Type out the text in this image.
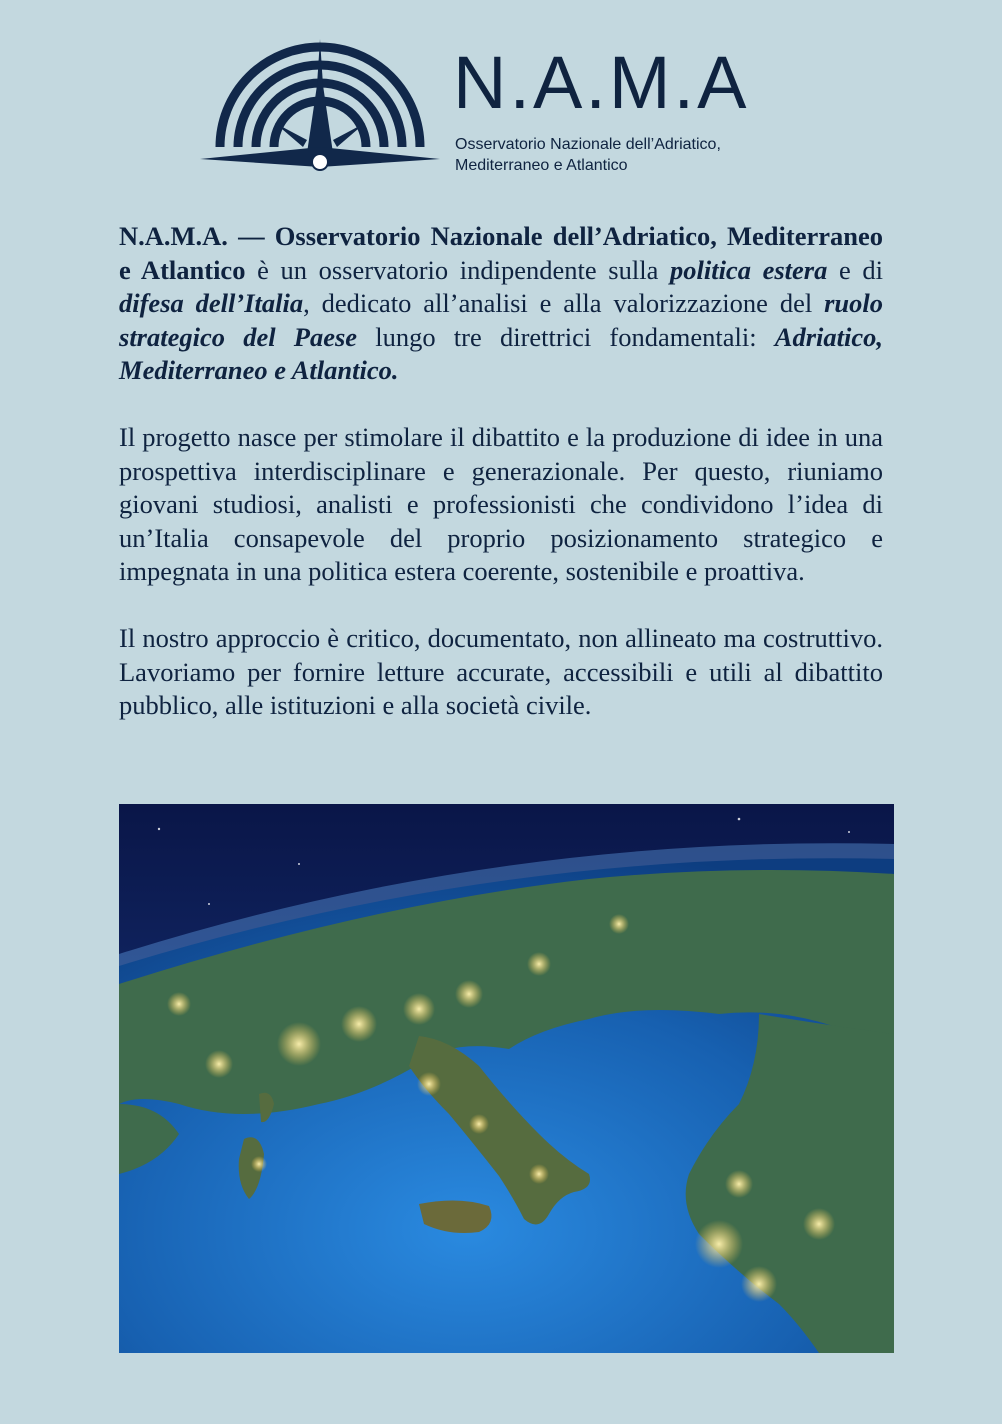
N.A.M.A
Osservatorio Nazionale dell’Adriatico,
Mediterraneo e Atlantico

N.A.M.A. — Osservatorio Nazionale dell’Adriatico, Mediterraneo e Atlantico è un osservatorio indipendente sulla politica estera e di difesa dell’Italia, dedicato all’analisi e alla valorizzazione del ruolo strategico del Paese lungo tre direttrici fondamentali: Adriatico, Mediterraneo e Atlantico.

Il progetto nasce per stimolare il dibattito e la produzione di idee in una prospettiva interdisciplinare e generazionale. Per questo, riuniamo giovani studiosi, analisti e professionisti che condividono l’idea di un’Italia consapevole del proprio posizionamento strategico e impegnata in una politica estera coerente, sostenibile e proattiva.

Il nostro approccio è critico, documentato, non allineato ma costruttivo. Lavoriamo per fornire letture accurate, accessibili e utili al dibattito pubblico, alle istituzioni e alla società civile.
